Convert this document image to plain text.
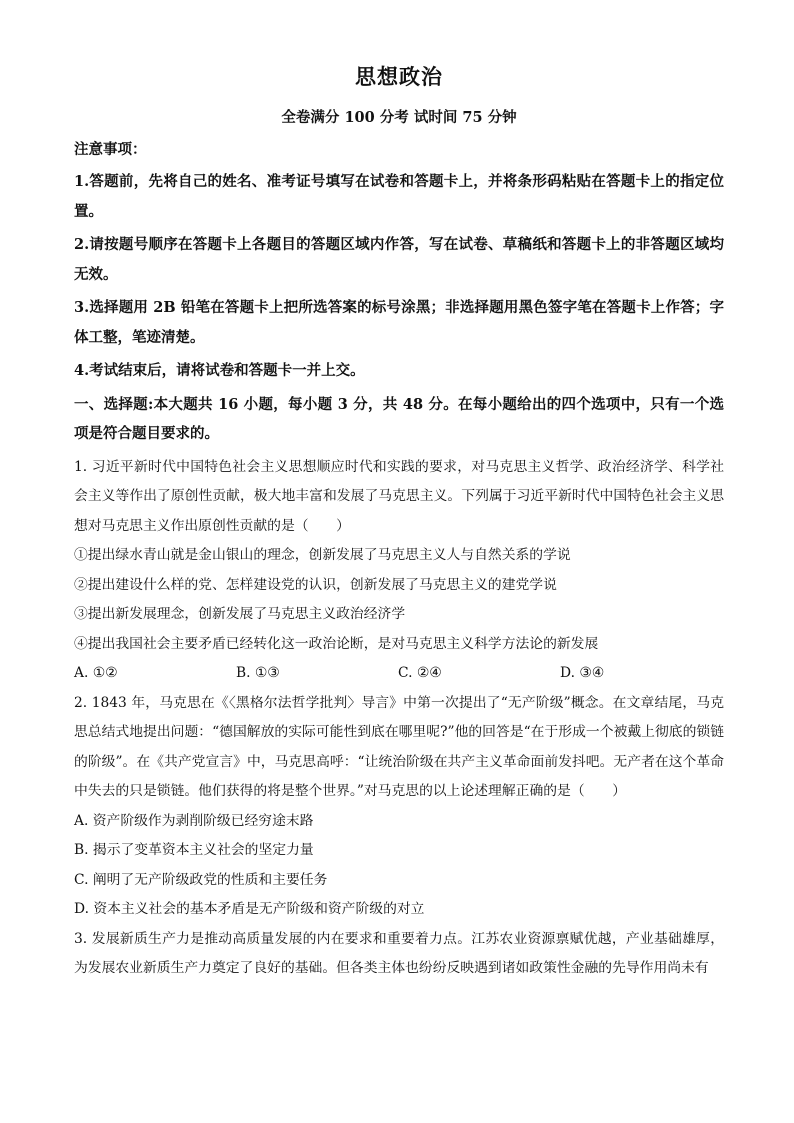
思想政治
全卷满分 100 分考 试时间 75 分钟
注意事项：
1.答题前，先将自己的姓名、准考证号填写在试卷和答题卡上，并将条形码粘贴在答题卡上的指定位置。
2.请按题号顺序在答题卡上各题目的答题区域内作答，写在试卷、草稿纸和答题卡上的非答题区域均无效。
3.选择题用 2B 铅笔在答题卡上把所选答案的标号涂黑；非选择题用黑色签字笔在答题卡上作答；字体工整，笔迹清楚。
4.考试结束后，请将试卷和答题卡一并上交。
一、选择题:本大题共 16 小题，每小题 3 分，共 48 分。在每小题给出的四个选项中，只有一个选项是符合题目要求的。
1. 习近平新时代中国特色社会主义思想顺应时代和实践的要求，对马克思主义哲学、政治经济学、科学社会主义等作出了原创性贡献，极大地丰富和发展了马克思主义。下列属于习近平新时代中国特色社会主义思想对马克思主义作出原创性贡献的是（　　）
①提出绿水青山就是金山银山的理念，创新发展了马克思主义人与自然关系的学说
②提出建设什么样的党、怎样建设党的认识，创新发展了马克思主义的建党学说
③提出新发展理念，创新发展了马克思主义政治经济学
④提出我国社会主要矛盾已经转化这一政治论断，是对马克思主义科学方法论的新发展
A. ①②	B. ①③	C. ②④	D. ③④
2. 1843 年，马克思在《〈黑格尔法哲学批判〉导言》中第一次提出了“无产阶级”概念。在文章结尾，马克思总结式地提出问题：“德国解放的实际可能性到底在哪里呢?”他的回答是“在于形成一个被戴上彻底的锁链的阶级”。在《共产党宣言》中，马克思高呼：“让统治阶级在共产主义革命面前发抖吧。无产者在这个革命中失去的只是锁链。他们获得的将是整个世界。”对马克思的以上论述理解正确的是（　　）
A. 资产阶级作为剥削阶级已经穷途末路
B. 揭示了变革资本主义社会的坚定力量
C. 阐明了无产阶级政党的性质和主要任务
D. 资本主义社会的基本矛盾是无产阶级和资产阶级的对立
3. 发展新质生产力是推动高质量发展的内在要求和重要着力点。江苏农业资源禀赋优越，产业基础雄厚，为发展农业新质生产力奠定了良好的基础。但各类主体也纷纷反映遇到诸如政策性金融的先导作用尚未有
